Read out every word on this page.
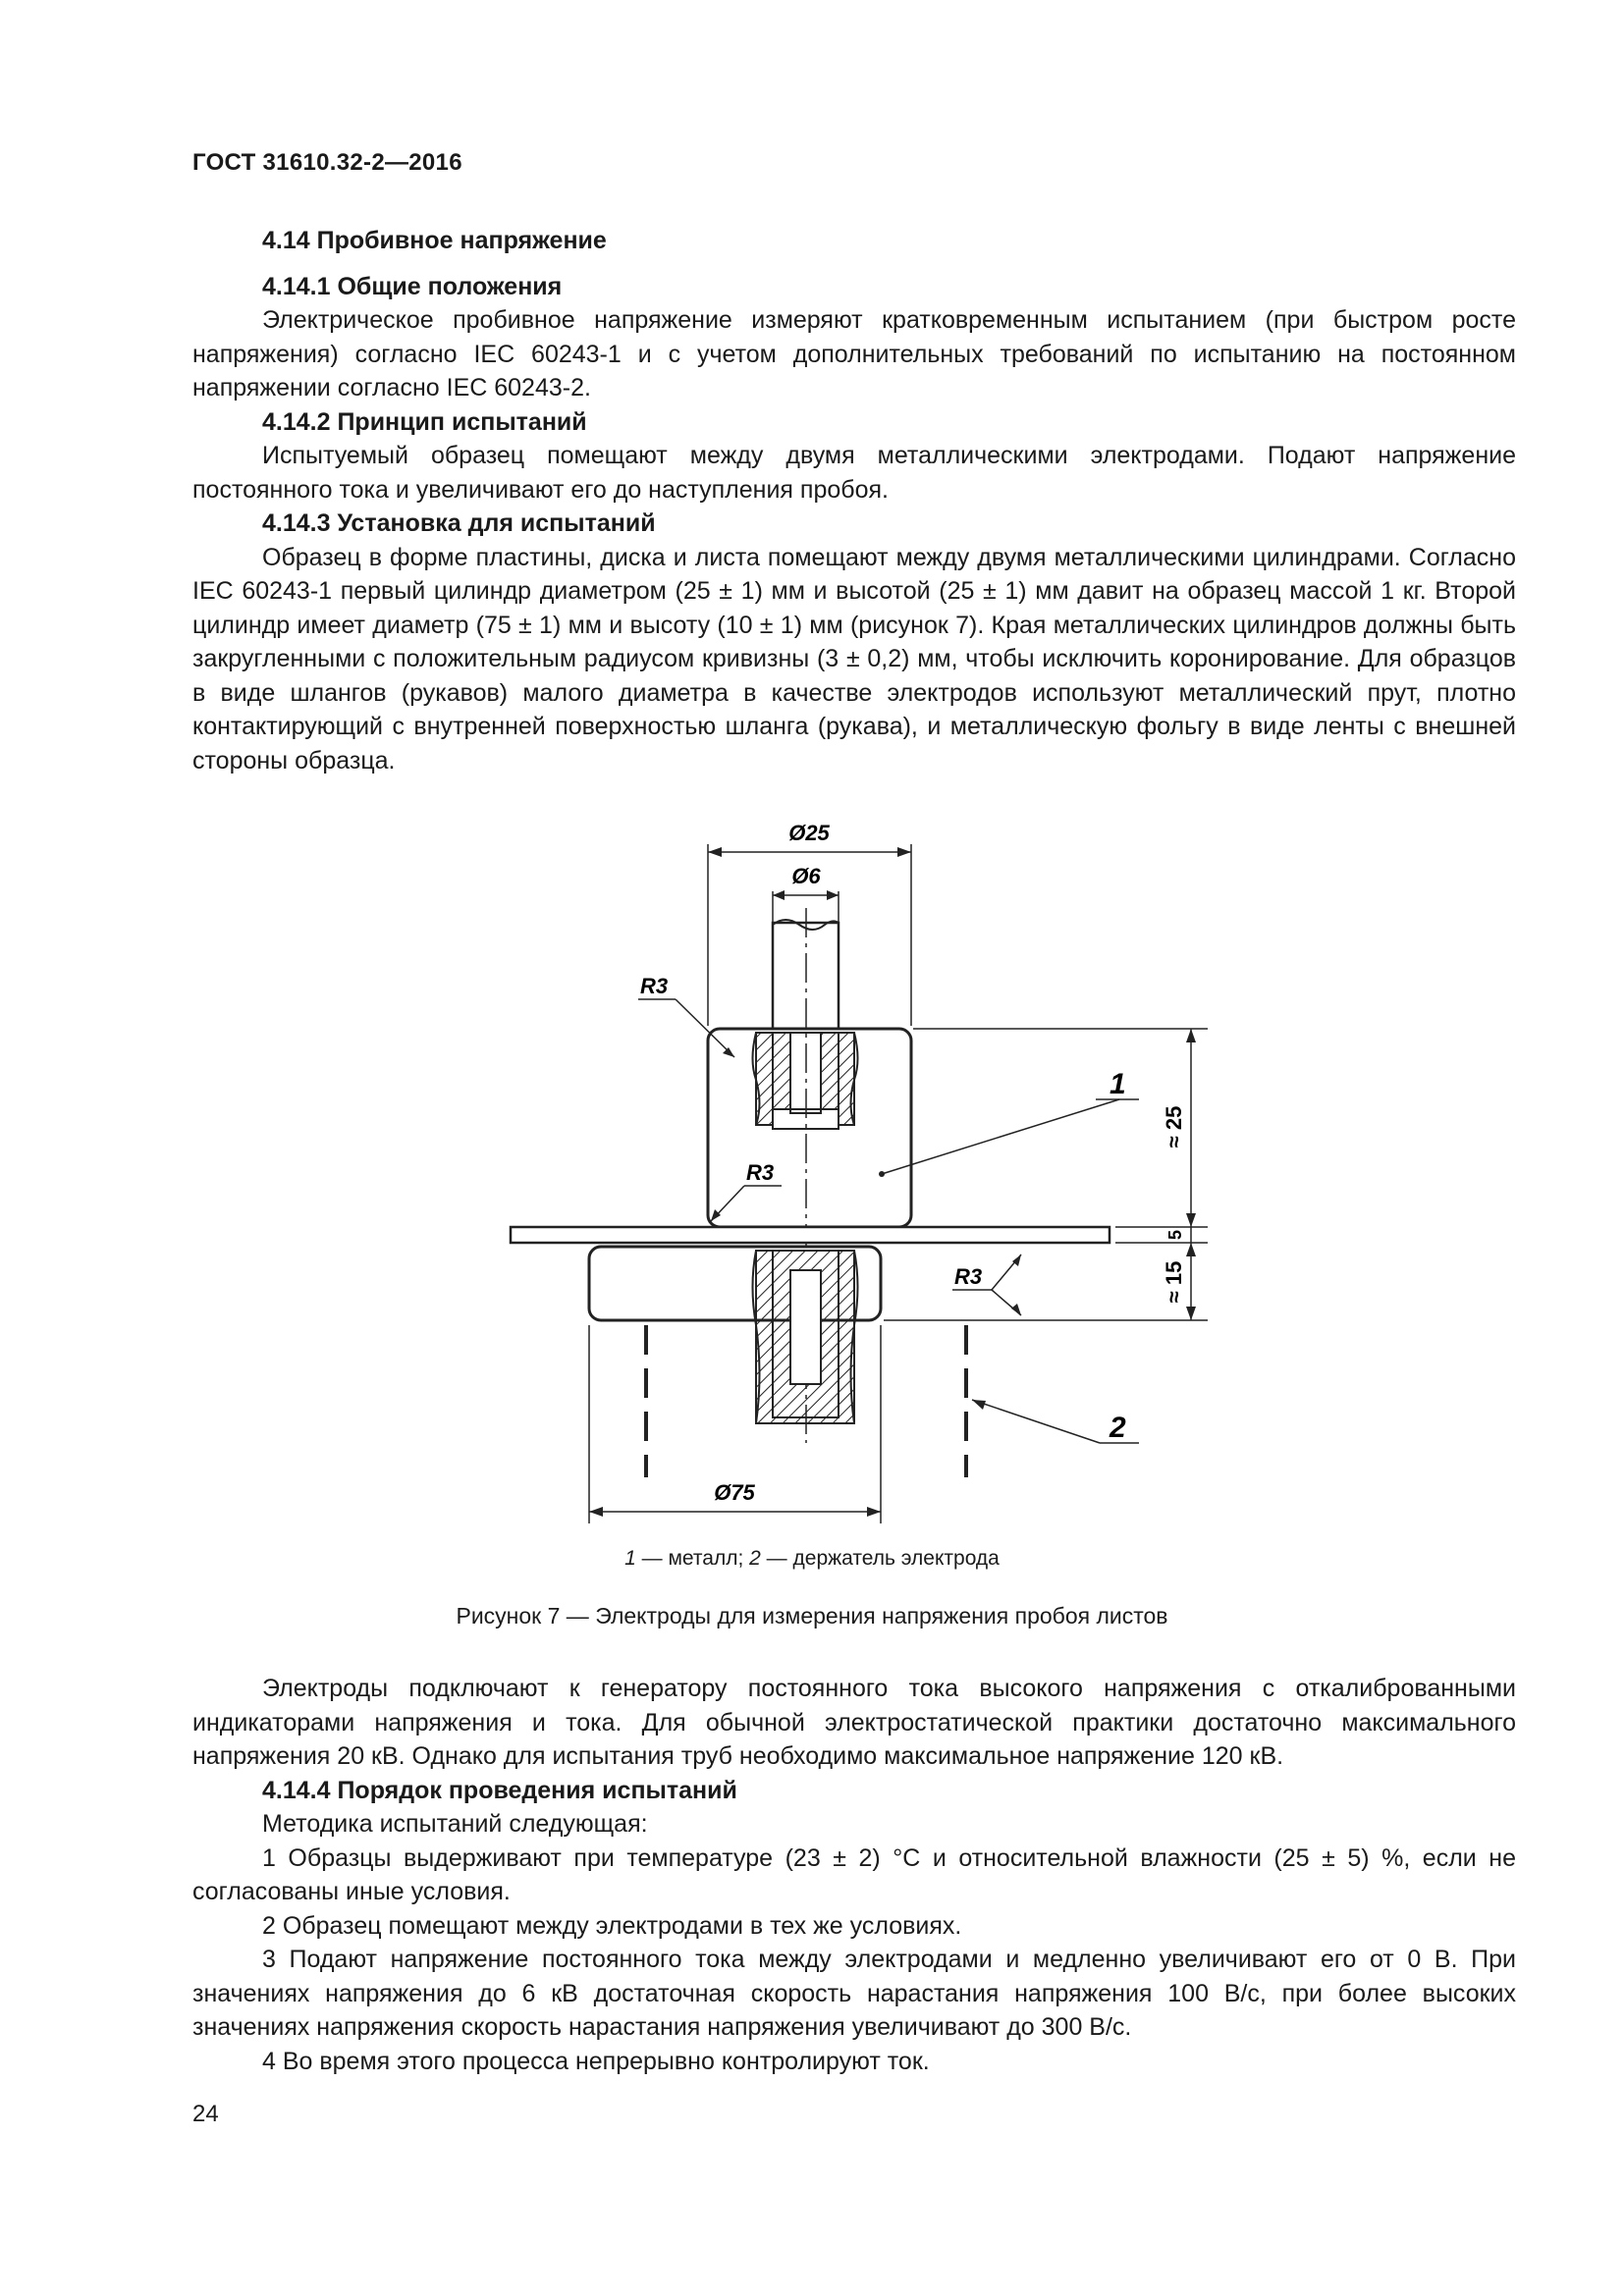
ГОСТ 31610.32-2—2016
4.14 Пробивное напряжение
4.14.1 Общие положения

Электрическое пробивное напряжение измеряют кратковременным испытанием (при быстром росте напряжения) согласно IEC 60243-1 и с учетом дополнительных требований по испытанию на постоянном напряжении согласно IEC 60243-2.

4.14.2 Принцип испытаний

Испытуемый образец помещают между двумя металлическими электродами. Подают напряжение постоянного тока и увеличивают его до наступления пробоя.

4.14.3 Установка для испытаний

Образец в форме пластины, диска и листа помещают между двумя металлическими цилиндрами. Согласно IEC 60243-1 первый цилиндр диаметром (25 ± 1) мм и высотой (25 ± 1) мм давит на образец массой 1 кг. Второй цилиндр имеет диаметр (75 ± 1) мм и высоту (10 ± 1) мм (рисунок 7). Края металлических цилиндров должны быть закругленными с положительным радиусом кривизны (3 ± 0,2) мм, чтобы исключить коронирование. Для образцов в виде шлангов (рукавов) малого диаметра в качестве электродов используют металлический прут, плотно контактирующий с внутренней поверхностью шланга (рукава), и металлическую фольгу в виде ленты с внешней стороны образца.

Ø25
Ø6
R3
R3
R3
1
2
≈ 25
5
≈ 15
Ø75
1 — металл; 2 — держатель электрода
Рисунок 7 — Электроды для измерения напряжения пробоя листов

Электроды подключают к генератору постоянного тока высокого напряжения с откалиброванными индикаторами напряжения и тока. Для обычной электростатической практики достаточно максимального напряжения 20 кВ. Однако для испытания труб необходимо максимальное напряжение 120 кВ.

4.14.4 Порядок проведения испытаний

Методика испытаний следующая:

1 Образцы выдерживают при температуре (23 ± 2) °С и относительной влажности (25 ± 5) %, если не согласованы иные условия.

2 Образец помещают между электродами в тех же условиях.

3 Подают напряжение постоянного тока между электродами и медленно увеличивают его от 0 В. При значениях напряжения до 6 кВ достаточная скорость нарастания напряжения 100 В/с, при более высоких значениях напряжения скорость нарастания напряжения увеличивают до 300 В/с.

4 Во время этого процесса непрерывно контролируют ток.

24
